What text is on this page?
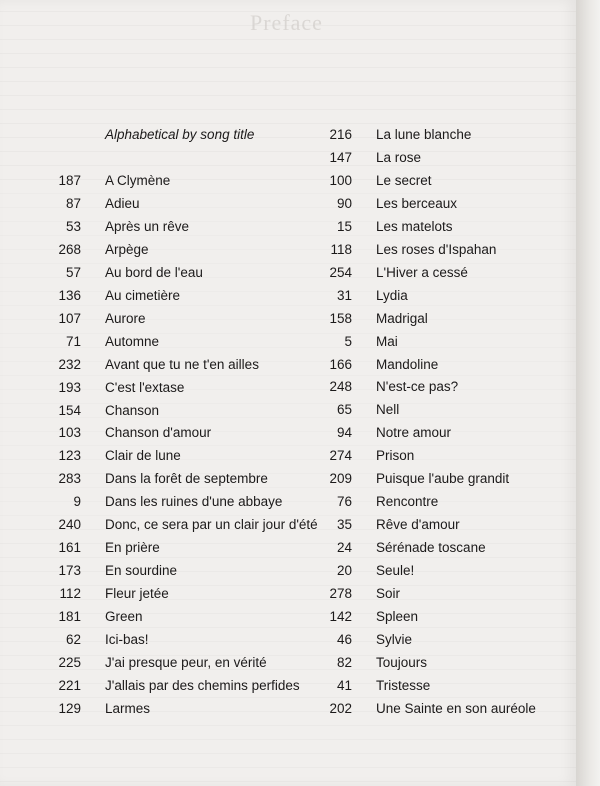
Preface
Alphabetical by song title
187 A Clymène
87 Adieu
53 Après un rêve
268 Arpège
57 Au bord de l'eau
136 Au cimetière
107 Aurore
71 Automne
232 Avant que tu ne t'en ailles
193 C'est l'extase
154 Chanson
103 Chanson d'amour
123 Clair de lune
283 Dans la forêt de septembre
9 Dans les ruines d'une abbaye
240 Donc, ce sera par un clair jour d'été
161 En prière
173 En sourdine
112 Fleur jetée
181 Green
62 Ici-bas!
225 J'ai presque peur, en vérité
221 J'allais par des chemins perfides
129 Larmes
216 La lune blanche
147 La rose
100 Le secret
90 Les berceaux
15 Les matelots
118 Les roses d'Ispahan
254 L'Hiver a cessé
31 Lydia
158 Madrigal
5 Mai
166 Mandoline
248 N'est-ce pas?
65 Nell
94 Notre amour
274 Prison
209 Puisque l'aube grandit
76 Rencontre
35 Rêve d'amour
24 Sérénade toscane
20 Seule!
278 Soir
142 Spleen
46 Sylvie
82 Toujours
41 Tristesse
202 Une Sainte en son auréole
